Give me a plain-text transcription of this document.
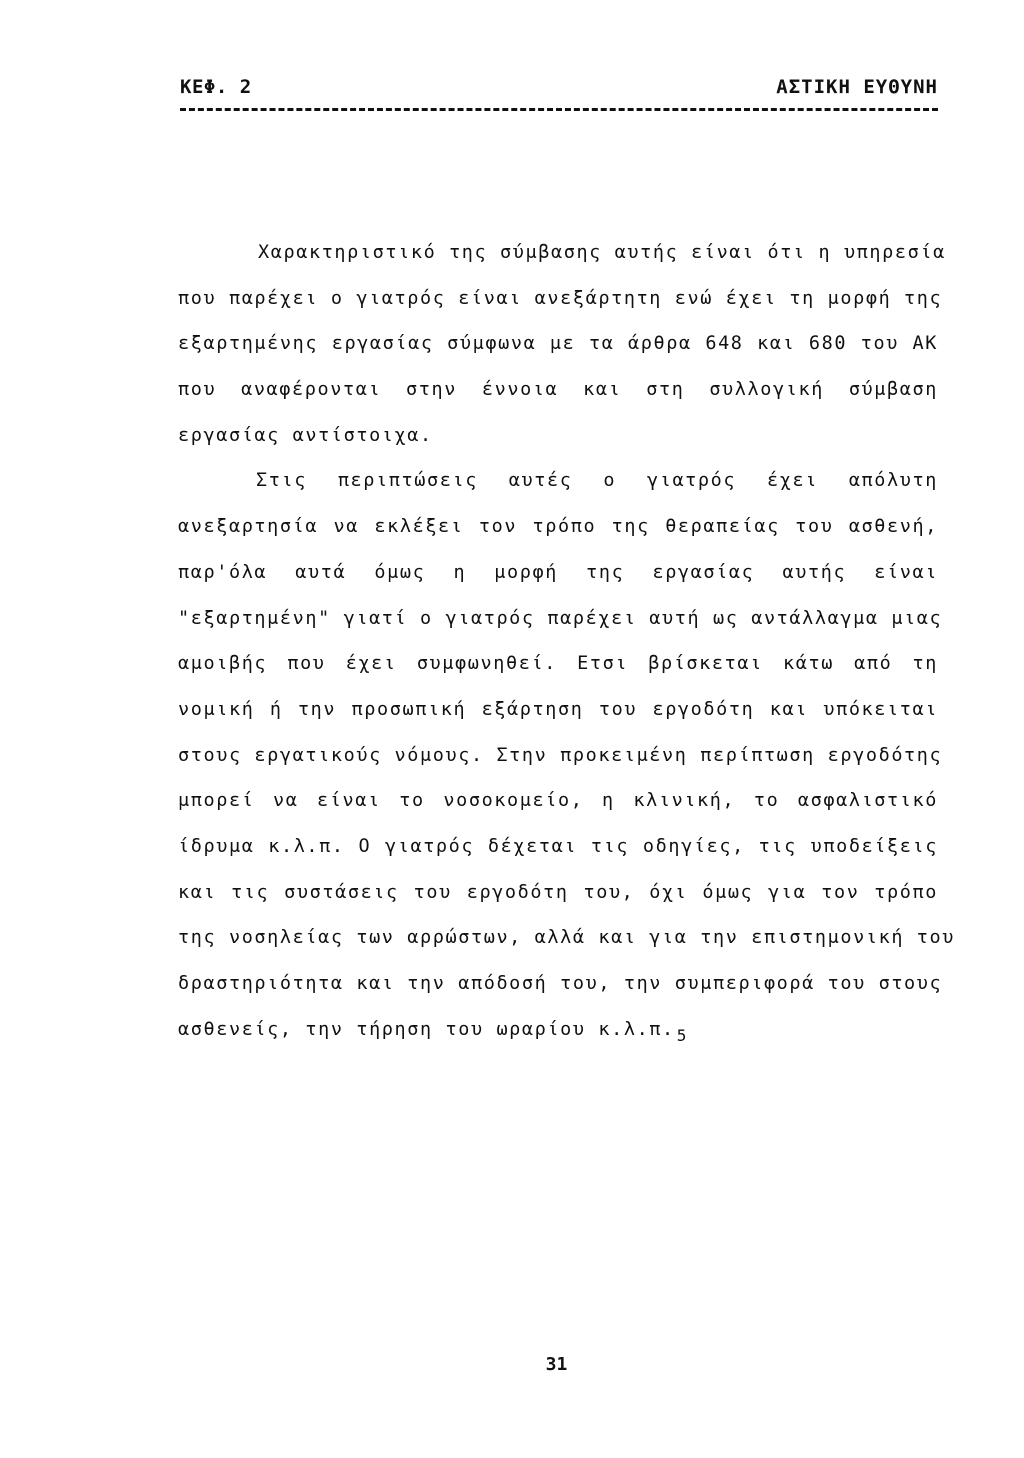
ΚΕΦ. 2	ΑΣΤΙΚΗ ΕΥΘΥΝΗ
Χαρακτηριστικό της σύμβασης αυτής είναι ότι η υπηρεσία
που παρέχει ο γιατρός είναι ανεξάρτητη ενώ έχει τη μορφή της
εξαρτημένης εργασίας σύμφωνα με τα άρθρα 648 και 680 του ΑΚ
που αναφέρονται στην έννοια και στη συλλογική σύμβαση
εργασίας αντίστοιχα.
Στις περιπτώσεις αυτές ο γιατρός έχει απόλυτη
ανεξαρτησία να εκλέξει τον τρόπο της θεραπείας του ασθενή,
παρ'όλα αυτά όμως η μορφή της εργασίας αυτής είναι
"εξαρτημένη" γιατί ο γιατρός παρέχει αυτή ως αντάλλαγμα μιας
αμοιβής που έχει συμφωνηθεί. Ετσι βρίσκεται κάτω από τη
νομική ή την προσωπική εξάρτηση του εργοδότη και υπόκειται
στους εργατικούς νόμους. Στην προκειμένη περίπτωση εργοδότης
μπορεί να είναι το νοσοκομείο, η κλινική, το ασφαλιστικό
ίδρυμα κ.λ.π. Ο γιατρός δέχεται τις οδηγίες, τις υποδείξεις
και τις συστάσεις του εργοδότη του, όχι όμως για τον τρόπο
της νοσηλείας των αρρώστων, αλλά και για την επιστημονική του
δραστηριότητα και την απόδοσή του, την συμπεριφορά του στους
ασθενείς, την τήρηση του ωραρίου κ.λ.π. $_5$
31
